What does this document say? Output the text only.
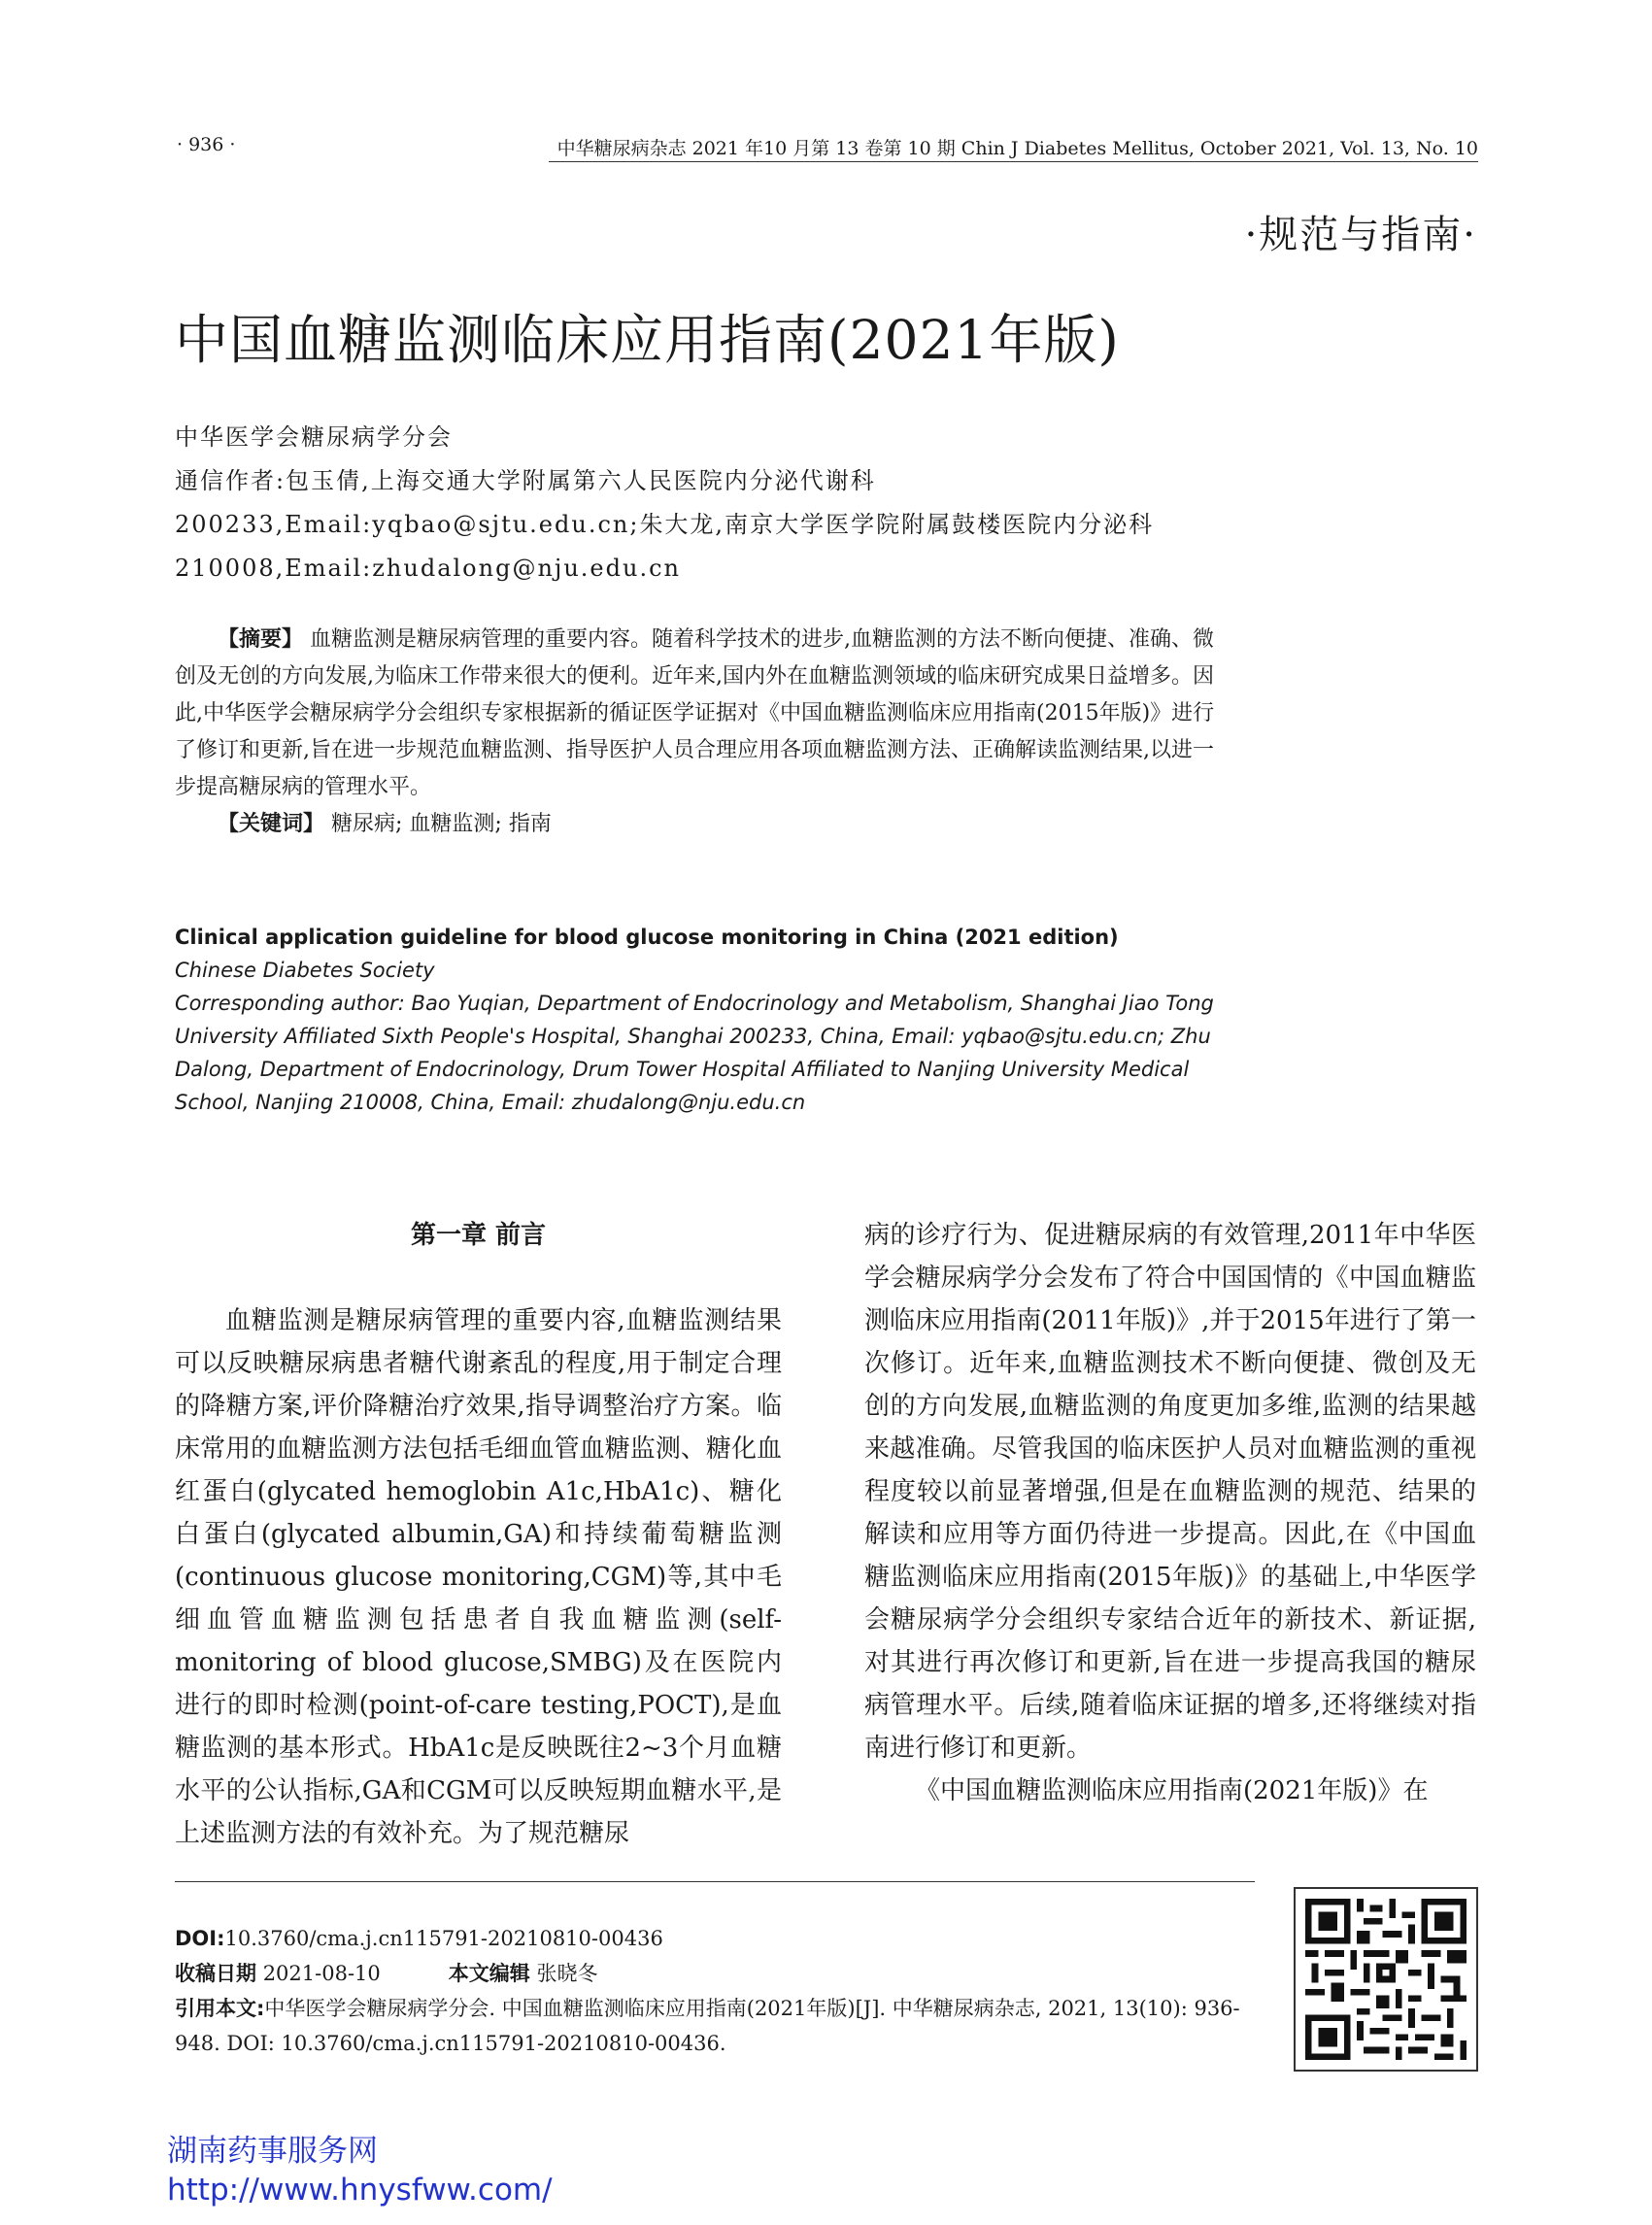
· 936 ·	中华糖尿病杂志 2021 年10 月第 13 卷第 10 期 Chin J Diabetes Mellitus, October 2021, Vol. 13, No. 10
·规范与指南·
中国血糖监测临床应用指南(2021年版)
中华医学会糖尿病学分会
通信作者:包玉倩,上海交通大学附属第六人民医院内分泌代谢科 200233,Email:yqbao@sjtu.edu.cn;朱大龙,南京大学医学院附属鼓楼医院内分泌科 210008,Email:zhudalong@nju.edu.cn

【摘要】 血糖监测是糖尿病管理的重要内容。随着科学技术的进步,血糖监测的方法不断向便捷、准确、微创及无创的方向发展,为临床工作带来很大的便利。近年来,国内外在血糖监测领域的临床研究成果日益增多。因此,中华医学会糖尿病学分会组织专家根据新的循证医学证据对《中国血糖监测临床应用指南(2015年版)》进行了修订和更新,旨在进一步规范血糖监测、指导医护人员合理应用各项血糖监测方法、正确解读监测结果,以进一步提高糖尿病的管理水平。

【关键词】 糖尿病; 血糖监测; 指南

Clinical application guideline for blood glucose monitoring in China (2021 edition)
Chinese Diabetes Society
Corresponding author: Bao Yuqian, Department of Endocrinology and Metabolism, Shanghai Jiao Tong University Affiliated Sixth People's Hospital, Shanghai 200233, China, Email: yqbao@sjtu.edu.cn; Zhu Dalong, Department of Endocrinology, Drum Tower Hospital Affiliated to Nanjing University Medical School, Nanjing 210008, China, Email: zhudalong@nju.edu.cn
第一章 前言

血糖监测是糖尿病管理的重要内容,血糖监测结果可以反映糖尿病患者糖代谢紊乱的程度,用于制定合理的降糖方案,评价降糖治疗效果,指导调整治疗方案。临床常用的血糖监测方法包括毛细血管血糖监测、糖化血红蛋白(glycated hemoglobin A1c,HbA1c)、糖化白蛋白(glycated albumin,GA)和持续葡萄糖监测(continuous glucose monitoring,CGM)等,其中毛细血管血糖监测包括患者自我血糖监测(self-monitoring of blood glucose,SMBG)及在医院内进行的即时检测(point-of-care testing,POCT),是血糖监测的基本形式。HbA1c是反映既往2~3个月血糖水平的公认指标,GA和CGM可以反映短期血糖水平,是上述监测方法的有效补充。为了规范糖尿

病的诊疗行为、促进糖尿病的有效管理,2011年中华医学会糖尿病学分会发布了符合中国国情的《中国血糖监测临床应用指南(2011年版)》,并于2015年进行了第一次修订。近年来,血糖监测技术不断向便捷、微创及无创的方向发展,血糖监测的角度更加多维,监测的结果越来越准确。尽管我国的临床医护人员对血糖监测的重视程度较以前显著增强,但是在血糖监测的规范、结果的解读和应用等方面仍待进一步提高。因此,在《中国血糖监测临床应用指南(2015年版)》的基础上,中华医学会糖尿病学分会组织专家结合近年的新技术、新证据,对其进行再次修订和更新,旨在进一步提高我国的糖尿病管理水平。后续,随着临床证据的增多,还将继续对指南进行修订和更新。

《中国血糖监测临床应用指南(2021年版)》在

DOI:10.3760/cma.j.cn115791-20210810-00436
收稿日期 2021-08-10	本文编辑 张晓冬
引用本文:中华医学会糖尿病学分会. 中国血糖监测临床应用指南(2021年版)[J]. 中华糖尿病杂志, 2021, 13(10): 936-948. DOI: 10.3760/cma.j.cn115791-20210810-00436.
湖南药事服务网
http://www.hnysfww.com/
